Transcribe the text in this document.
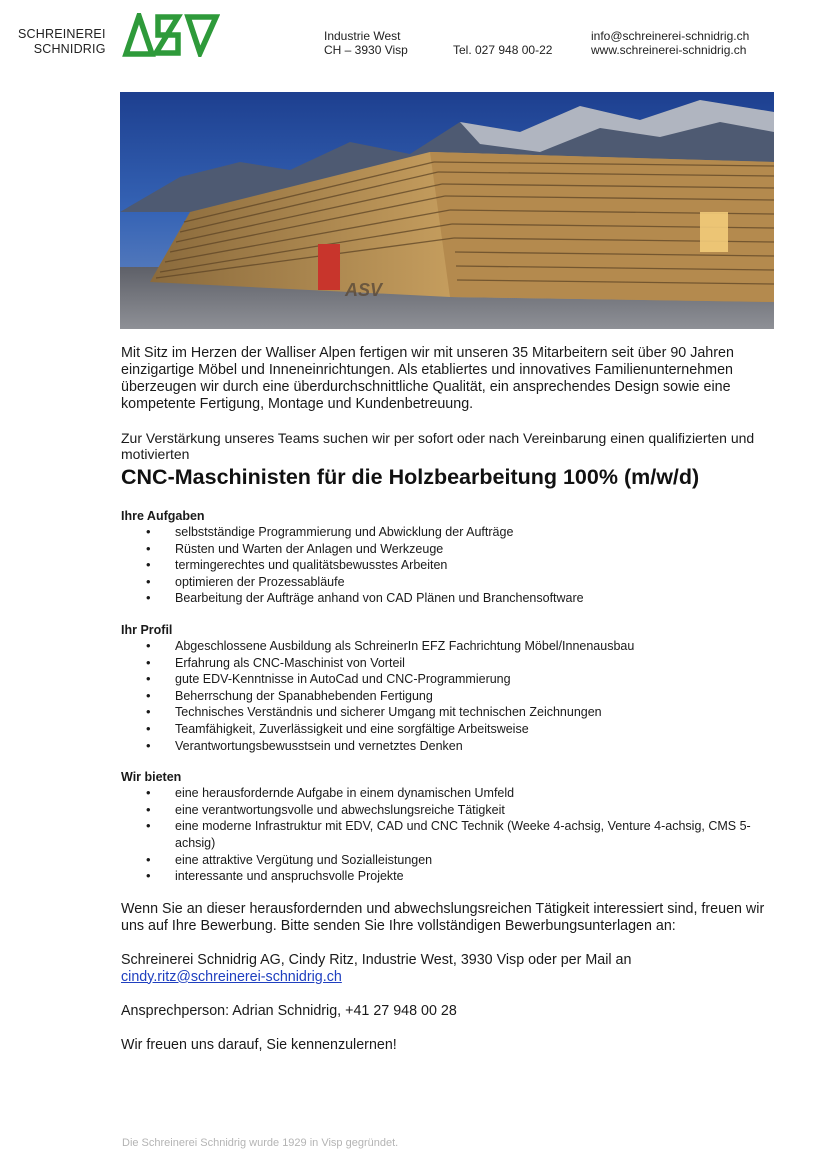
SCHREINEREI
SCHNIDRIG
Industrie West
CH – 3930 Visp	Tel. 027 948 00-22
info@schreinerei-schnidrig.ch
www.schreinerei-schnidrig.ch
ASV

Mit Sitz im Herzen der Walliser Alpen fertigen wir mit unseren 35 Mitarbeitern seit über 90 Jahren einzigartige Möbel und Inneneinrichtungen. Als etabliertes und innovatives Familienunternehmen überzeugen wir durch eine überdurchschnittliche Qualität, ein ansprechendes Design sowie eine kompetente Fertigung, Montage und Kundenbetreuung.

Zur Verstärkung unseres Teams suchen wir per sofort oder nach Vereinbarung einen qualifizierten und motivierten

CNC-Maschinisten für die Holzbearbeitung 100% (m/w/d)
Ihre Aufgaben
• selbstständige Programmierung und Abwicklung der Aufträge
• Rüsten und Warten der Anlagen und Werkzeuge
• termingerechtes und qualitätsbewusstes Arbeiten
• optimieren der Prozessabläufe
• Bearbeitung der Aufträge anhand von CAD Plänen und Branchensoftware
Ihr Profil
• Abgeschlossene Ausbildung als SchreinerIn EFZ Fachrichtung Möbel/Innenausbau
• Erfahrung als CNC-Maschinist von Vorteil
• gute EDV-Kenntnisse in AutoCad und CNC-Programmierung
• Beherrschung der Spanabhebenden Fertigung
• Technisches Verständnis und sicherer Umgang mit technischen Zeichnungen
• Teamfähigkeit, Zuverlässigkeit und eine sorgfältige Arbeitsweise
• Verantwortungsbewusstsein und vernetztes Denken
Wir bieten
• eine herausfordernde Aufgabe in einem dynamischen Umfeld
• eine verantwortungsvolle und abwechslungsreiche Tätigkeit
• eine moderne Infrastruktur mit EDV, CAD und CNC Technik (Weeke 4-achsig, Venture 4-achsig, CMS 5-achsig)
• eine attraktive Vergütung und Sozialleistungen
• interessante und anspruchsvolle Projekte

Wenn Sie an dieser herausfordernden und abwechslungsreichen Tätigkeit interessiert sind, freuen wir uns auf Ihre Bewerbung. Bitte senden Sie Ihre vollständigen Bewerbungsunterlagen an:

Schreinerei Schnidrig AG, Cindy Ritz, Industrie West, 3930 Visp oder per Mail an
cindy.ritz@schreinerei-schnidrig.ch

Ansprechperson: Adrian Schnidrig, +41 27 948 00 28

Wir freuen uns darauf, Sie kennenzulernen!

Die Schreinerei Schnidrig wurde 1929 in Visp gegründet.
